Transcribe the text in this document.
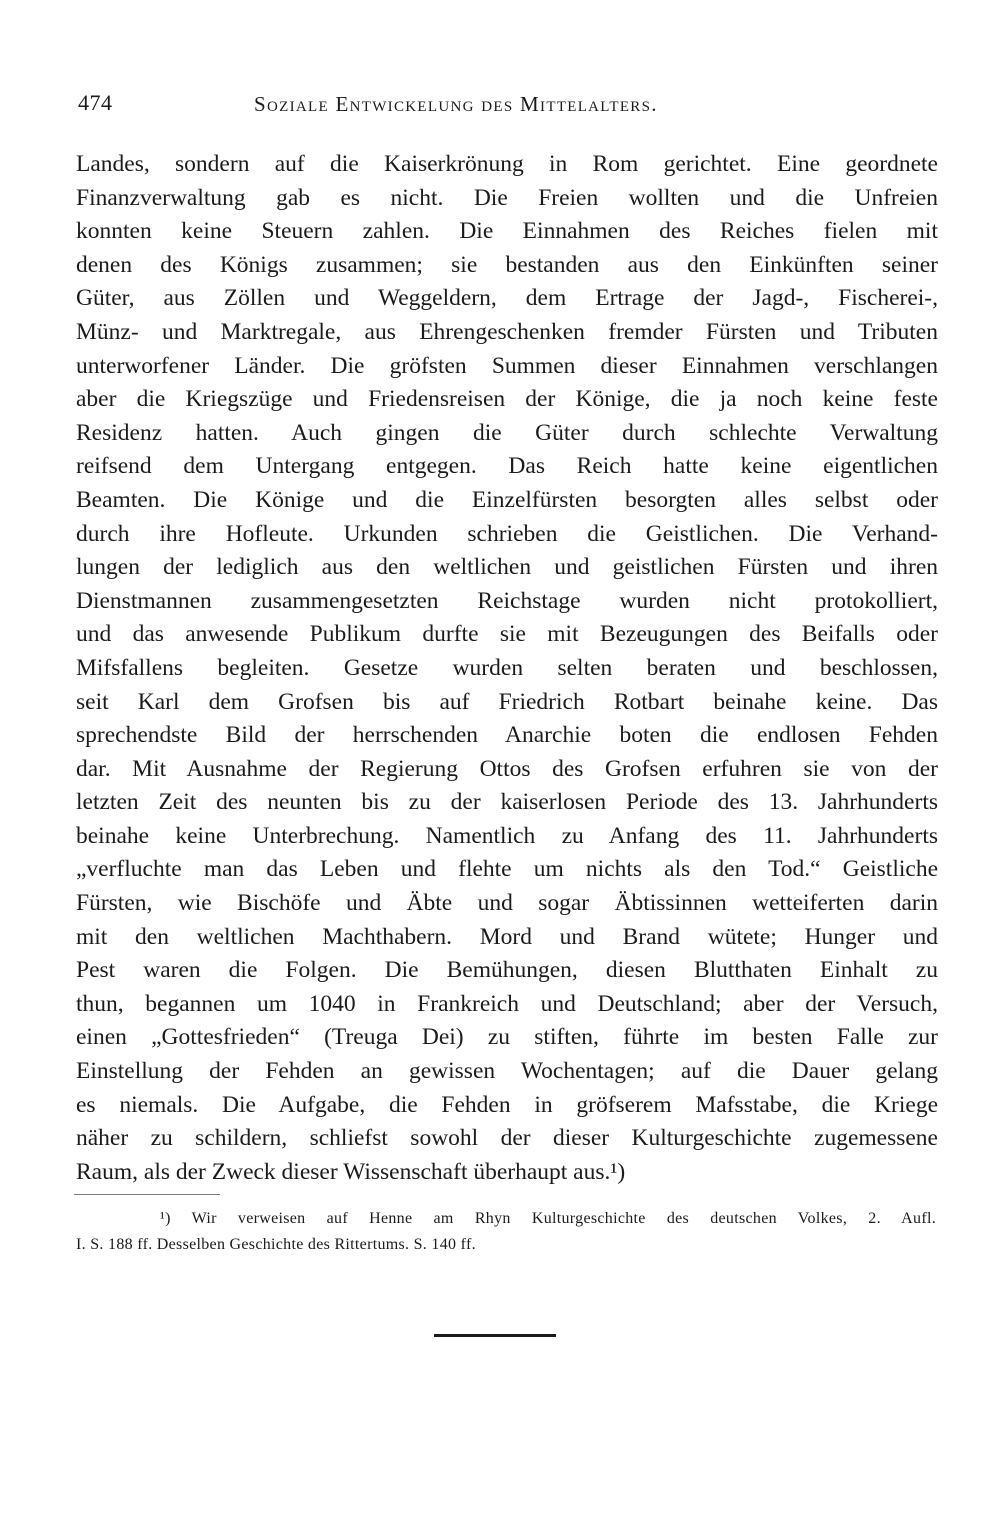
474	Soziale Entwickelung des Mittelalters.
Landes, sondern auf die Kaiserkrönung in Rom gerichtet. Eine geordnete
Finanzverwaltung gab es nicht. Die Freien wollten und die Unfreien
konnten keine Steuern zahlen. Die Einnahmen des Reiches fielen mit
denen des Königs zusammen; sie bestanden aus den Einkünften seiner
Güter, aus Zöllen und Weggeldern, dem Ertrage der Jagd-, Fischerei-,
Münz- und Marktregale, aus Ehrengeschenken fremder Fürsten und Tributen
unterworfener Länder. Die gröfsten Summen dieser Einnahmen verschlangen
aber die Kriegszüge und Friedensreisen der Könige, die ja noch keine feste
Residenz hatten. Auch gingen die Güter durch schlechte Verwaltung
reifsend dem Untergang entgegen. Das Reich hatte keine eigentlichen
Beamten. Die Könige und die Einzelfürsten besorgten alles selbst oder
durch ihre Hofleute. Urkunden schrieben die Geistlichen. Die Verhand-
lungen der lediglich aus den weltlichen und geistlichen Fürsten und ihren
Dienstmannen zusammengesetzten Reichstage wurden nicht protokolliert,
und das anwesende Publikum durfte sie mit Bezeugungen des Beifalls oder
Mifsfallens begleiten. Gesetze wurden selten beraten und beschlossen,
seit Karl dem Grofsen bis auf Friedrich Rotbart beinahe keine. Das
sprechendste Bild der herrschenden Anarchie boten die endlosen Fehden
dar. Mit Ausnahme der Regierung Ottos des Grofsen erfuhren sie von der
letzten Zeit des neunten bis zu der kaiserlosen Periode des 13. Jahrhunderts
beinahe keine Unterbrechung. Namentlich zu Anfang des 11. Jahrhunderts
„verfluchte man das Leben und flehte um nichts als den Tod.“ Geistliche
Fürsten, wie Bischöfe und Äbte und sogar Äbtissinnen wetteiferten darin
mit den weltlichen Machthabern. Mord und Brand wütete; Hunger und
Pest waren die Folgen. Die Bemühungen, diesen Blutthaten Einhalt zu
thun, begannen um 1040 in Frankreich und Deutschland; aber der Versuch,
einen „Gottesfrieden“ (Treuga Dei) zu stiften, führte im besten Falle zur
Einstellung der Fehden an gewissen Wochentagen; auf die Dauer gelang
es niemals. Die Aufgabe, die Fehden in gröfserem Mafsstabe, die Kriege
näher zu schildern, schliefst sowohl der dieser Kulturgeschichte zugemessene
Raum, als der Zweck dieser Wissenschaft überhaupt aus.¹)
¹) Wir verweisen auf Henne am Rhyn Kulturgeschichte des deutschen Volkes, 2. Aufl.
I. S. 188 ff. Desselben Geschichte des Rittertums. S. 140 ff.
